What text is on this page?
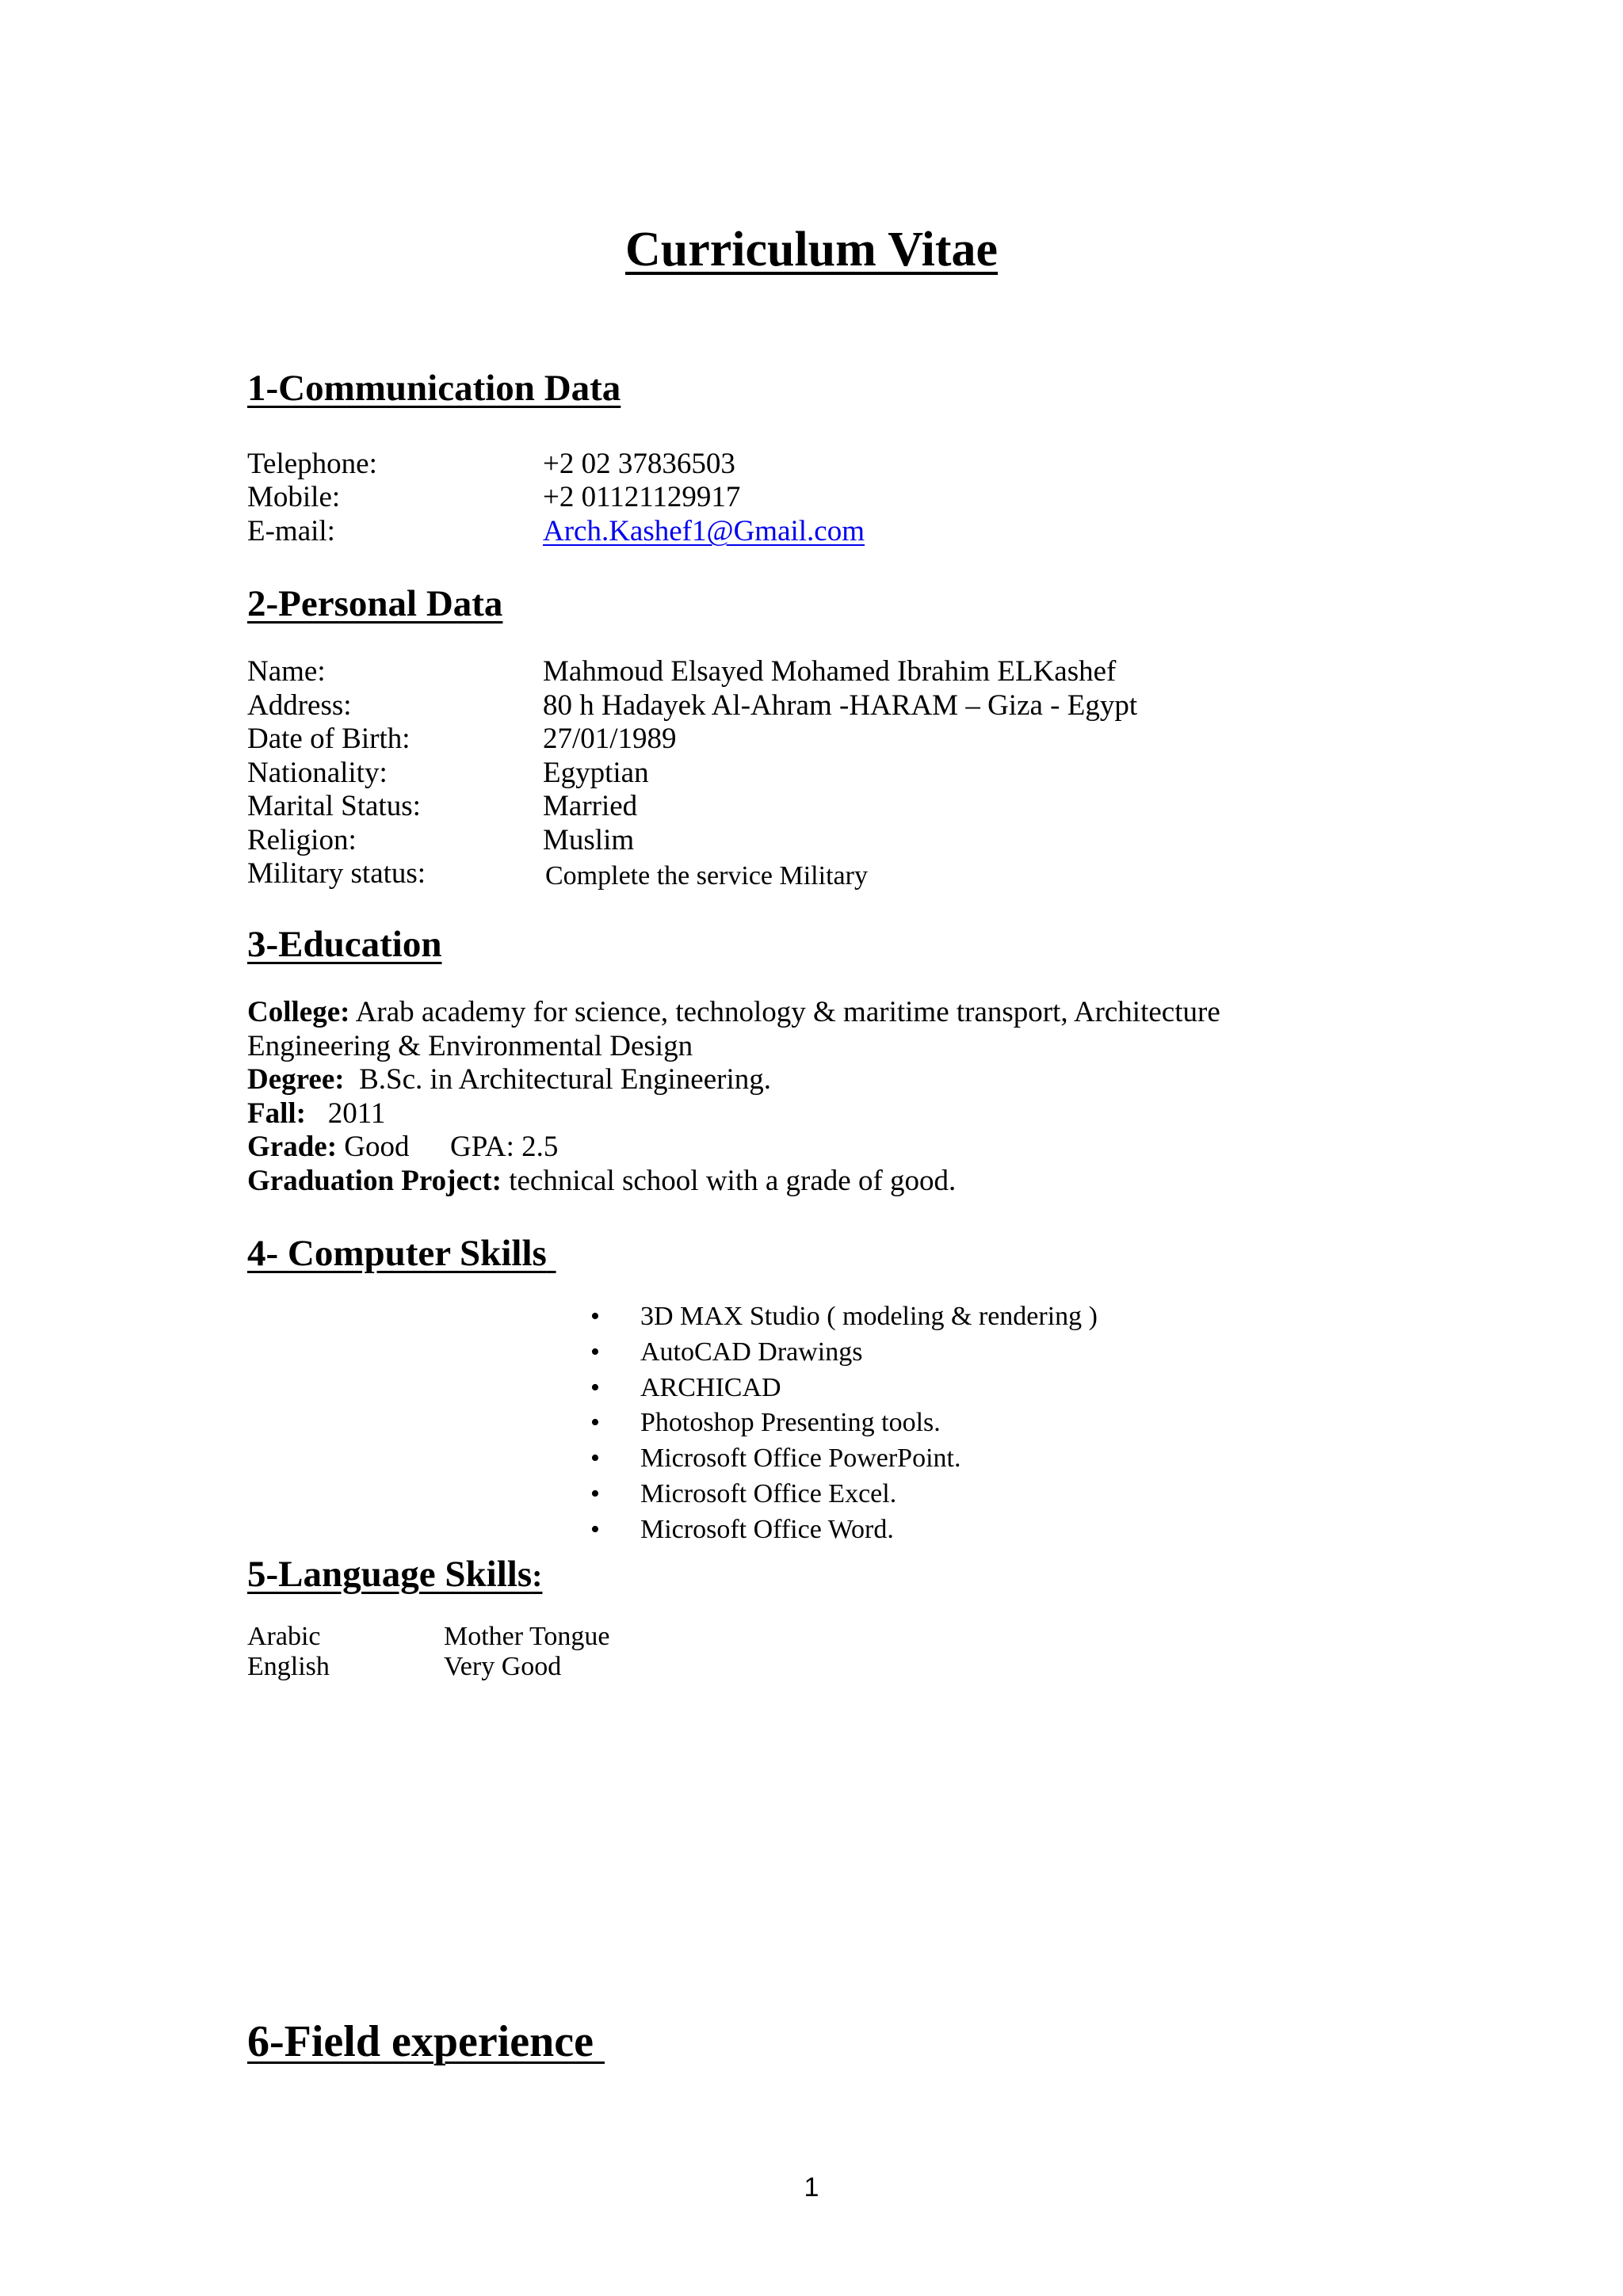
Curriculum Vitae
1-Communication Data
Telephone:	+2 02 37836503
Mobile:	+2 01121129917
E-mail:	Arch.Kashef1@Gmail.com
2-Personal Data
Name:	Mahmoud Elsayed Mohamed Ibrahim ELKashef
Address:	80 h Hadayek Al-Ahram -HARAM – Giza - Egypt
Date of Birth:	27/01/1989
Nationality:	Egyptian
Marital Status:	Married
Religion:	Muslim
Military status:	Complete the service Military
3-Education
College: Arab academy for science, technology & maritime transport, Architecture Engineering & Environmental Design
Degree: B.Sc. in Architectural Engineering.
Fall: 2011
Grade: Good GPA: 2.5
Graduation Project: technical school with a grade of good.
4- Computer Skills
•	3D MAX Studio ( modeling & rendering )
•	AutoCAD Drawings
•	ARCHICAD
•	Photoshop Presenting tools.
•	Microsoft Office PowerPoint.
•	Microsoft Office Excel.
•	Microsoft Office Word.
5-Language Skills:
Arabic	Mother Tongue
English	Very Good
6-Field experience
1
